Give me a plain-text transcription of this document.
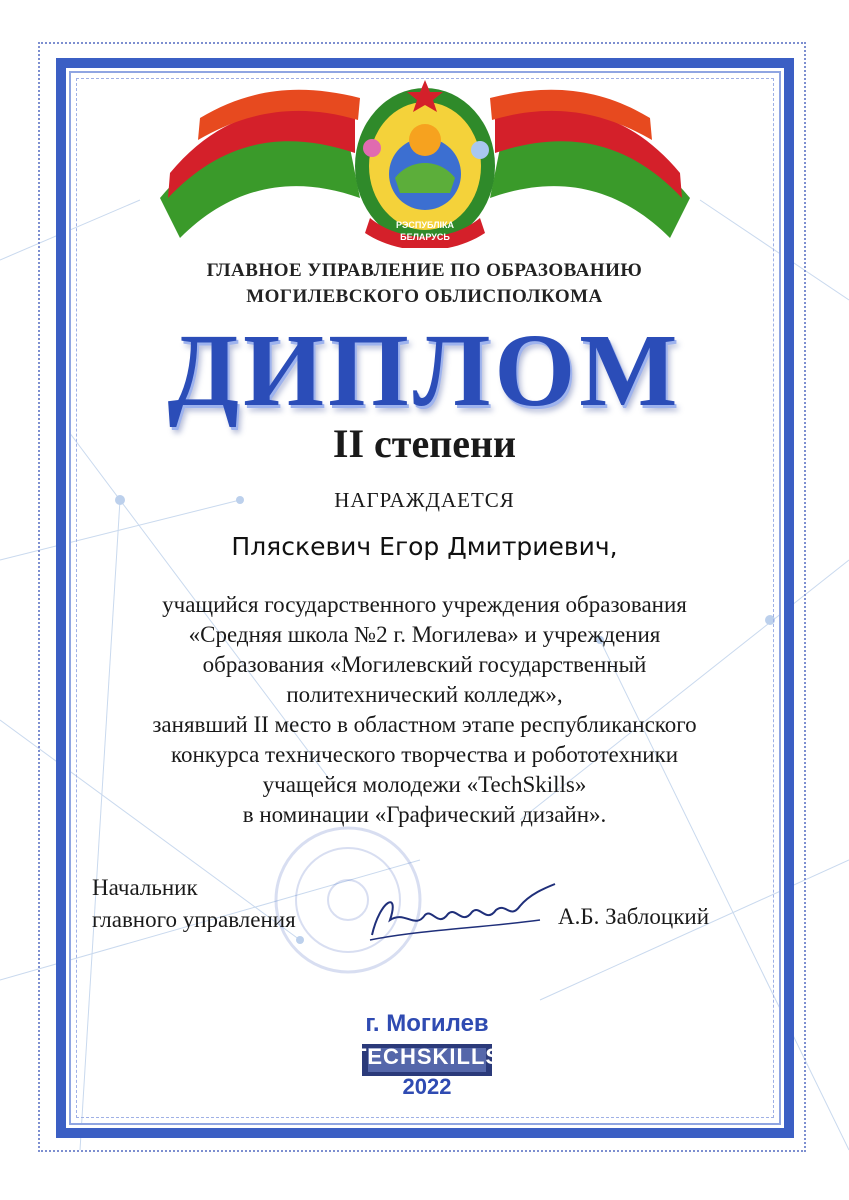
РЭСПУБЛІКА
БЕЛАРУСЬ
ГЛАВНОЕ УПРАВЛЕНИЕ ПО ОБРАЗОВАНИЮ
МОГИЛЕВСКОГО ОБЛИСПОЛКОМА
ДИПЛОМ
II степени
НАГРАЖДАЕТСЯ
Пляскевич Егор Дмитриевич,
учащийся государственного учреждения образования
«Средняя школа №2 г. Могилева» и учреждения
образования «Могилевский государственный
политехнический колледж»,
занявший II место в областном этапе республиканского
конкурса технического творчества и робототехники
учащейся молодежи «TechSkills»
в номинации «Графический дизайн».
Начальник
главного управления	А.Б. Заблоцкий
г. Могилев
TECHSKILLS
2022
